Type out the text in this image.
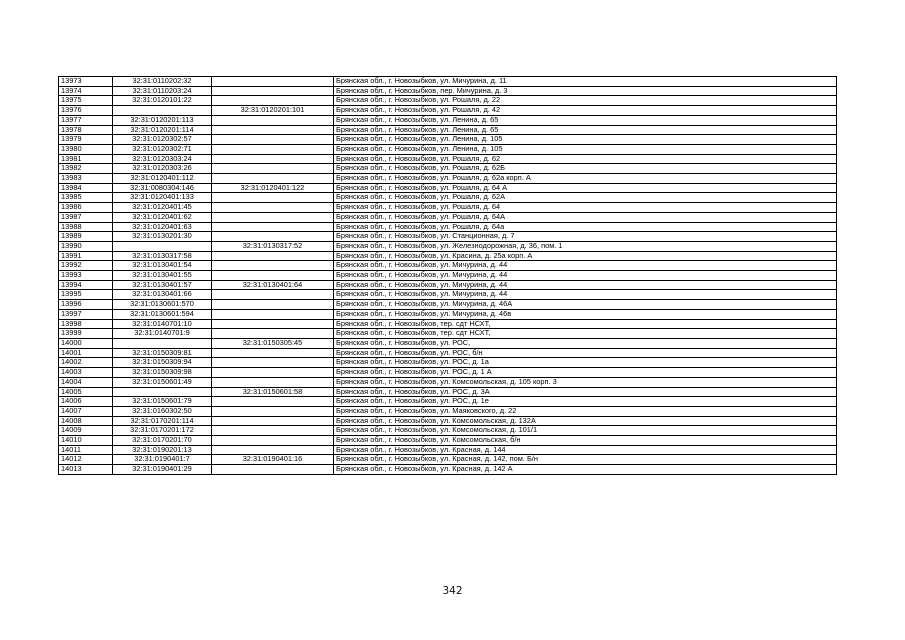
13973	32:31:0110202:32		Брянская обл., г. Новозыбков, ул. Мичурина, д. 11
13974	32:31:0110203:24		Брянская обл., г. Новозыбков, пер. Мичурина, д. 3
13975	32:31:0120101:22		Брянская обл., г. Новозыбков, ул. Рошаля, д. 22
13976		32:31:0120201:101	Брянская обл., г. Новозыбков, ул. Рошаля, д. 42
13977	32:31:0120201:113		Брянская обл., г. Новозыбков, ул. Ленина, д. 65
13978	32:31:0120201:114		Брянская обл., г. Новозыбков, ул. Ленина, д. 65
13979	32:31:0120302:57		Брянская обл., г. Новозыбков, ул. Ленина, д. 105
13980	32:31:0120302:71		Брянская обл., г. Новозыбков, ул. Ленина, д. 105
13981	32:31:0120303:24		Брянская обл., г. Новозыбков, ул. Рошаля, д. 62
13982	32:31:0120303:26		Брянская обл., г. Новозыбков, ул. Рошаля, д. 62Б
13983	32:31:0120401:112		Брянская обл., г. Новозыбков, ул. Рошаля, д. 62а корп. А
13984	32:31:0080304:146	32:31:0120401:122	Брянская обл., г. Новозыбков, ул. Рошаля, д. 64 А
13985	32:31:0120401:133		Брянская обл., г. Новозыбков, ул. Рошаля, д. 62А
13986	32:31:0120401:45		Брянская обл., г. Новозыбков, ул. Рошаля, д. 64
13987	32:31:0120401:62		Брянская обл., г. Новозыбков, ул. Рошаля, д. 64А
13988	32:31:0120401:63		Брянская обл., г. Новозыбков, ул. Рошаля, д. 64а
13989	32:31:0130201:30		Брянская обл., г. Новозыбков, ул. Станционная, д. 7
13990		32:31:0130317:52	Брянская обл., г. Новозыбков, ул. Железнодорожная, д. 36, пом. 1
13991	32:31:0130317:58		Брянская обл., г. Новозыбков, ул. Красина, д. 25а корп. А
13992	32:31:0130401:54		Брянская обл., г. Новозыбков, ул. Мичурина, д. 44
13993	32:31:0130401:55		Брянская обл., г. Новозыбков, ул. Мичурина, д. 44
13994	32:31:0130401:57	32:31:0130401:64	Брянская обл., г. Новозыбков, ул. Мичурина, д. 44
13995	32:31:0130401:66		Брянская обл., г. Новозыбков, ул. Мичурина, д. 44
13996	32:31:0130601:570		Брянская обл., г. Новозыбков, ул. Мичурина, д. 46А
13997	32:31:0130601:594		Брянская обл., г. Новозыбков, ул. Мичурина, д. 46в
13998	32:31:0140701:10		Брянская обл., г. Новозыбков, тер. сдт НСХТ,
13999	32:31:0140701:9		Брянская обл., г. Новозыбков, тер. сдт НСХТ,
14000		32:31:0150305:45	Брянская обл., г. Новозыбков, ул. РОС,
14001	32:31:0150309:81		Брянская обл., г. Новозыбков, ул. РОС, б/н
14002	32:31:0150309:94		Брянская обл., г. Новозыбков, ул. РОС, д. 1а
14003	32:31:0150309:98		Брянская обл., г. Новозыбков, ул. РОС, д. 1 А
14004	32:31:0150601:49		Брянская обл., г. Новозыбков, ул. Комсомольская, д. 105 корп. 3
14005		32:31:0150601:58	Брянская обл., г. Новозыбков, ул. РОС, д. 3А
14006	32:31:0150601:79		Брянская обл., г. Новозыбков, ул. РОС, д. 1е
14007	32:31:0160302:50		Брянская обл., г. Новозыбков, ул. Маяковского, д. 22
14008	32:31:0170201:114		Брянская обл., г. Новозыбков, ул. Комсомольская, д. 132А
14009	32:31:0170201:172		Брянская обл., г. Новозыбков, ул. Комсомольская, д. 101/1
14010	32:31:0170201:70		Брянская обл., г. Новозыбков, ул. Комсомольская, б/н
14011	32:31:0190201:13		Брянская обл., г. Новозыбков, ул. Красная, д. 144
14012	32:31:0190401:7	32:31:0190401:16	Брянская обл., г. Новозыбков, ул. Красная, д. 142, пом. Б/н
14013	32:31:0190401:29		Брянская обл., г. Новозыбков, ул. Красная, д. 142 А
342
